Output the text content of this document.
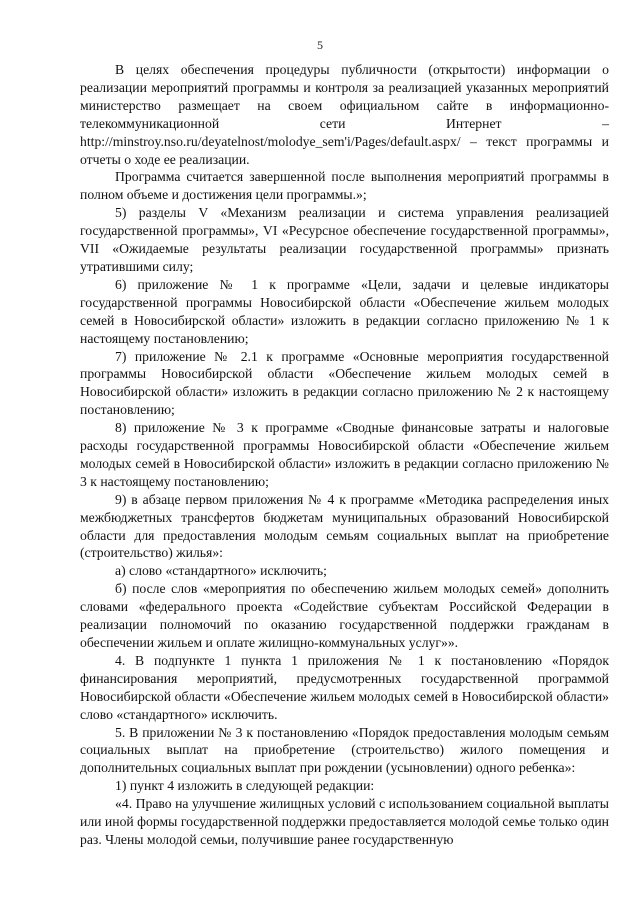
5

В целях обеспечения процедуры публичности (открытости) информации о реализации мероприятий программы и контроля за реализацией указанных мероприятий министерство размещает на своем официальном сайте в информационно-телекоммуникационной сети Интернет – http://minstroy.nso.ru/deyatelnost/molodye_sem'i/Pages/default.aspx/ – текст программы и отчеты о ходе ее реализации.

Программа считается завершенной после выполнения мероприятий программы в полном объеме и достижения цели программы.»;

5) разделы V «Механизм реализации и система управления реализацией государственной программы», VI «Ресурсное обеспечение государственной программы», VII «Ожидаемые результаты реализации государственной программы» признать утратившими силу;

6) приложение № 1 к программе «Цели, задачи и целевые индикаторы государственной программы Новосибирской области «Обеспечение жильем молодых семей в Новосибирской области» изложить в редакции согласно приложению № 1 к настоящему постановлению;

7) приложение № 2.1 к программе «Основные мероприятия государственной программы Новосибирской области «Обеспечение жильем молодых семей в Новосибирской области» изложить в редакции согласно приложению № 2 к настоящему постановлению;

8) приложение № 3 к программе «Сводные финансовые затраты и налоговые расходы государственной программы Новосибирской области «Обеспечение жильем молодых семей в Новосибирской области» изложить в редакции согласно приложению № 3 к настоящему постановлению;

9) в абзаце первом приложения № 4 к программе «Методика распределения иных межбюджетных трансфертов бюджетам муниципальных образований Новосибирской области для предоставления молодым семьям социальных выплат на приобретение (строительство) жилья»:

а) слово «стандартного» исключить;

б) после слов «мероприятия по обеспечению жильем молодых семей» дополнить словами «федерального проекта «Содействие субъектам Российской Федерации в реализации полномочий по оказанию государственной поддержки гражданам в обеспечении жильем и оплате жилищно-коммунальных услуг»».

4. В подпункте 1 пункта 1 приложения № 1 к постановлению «Порядок финансирования мероприятий, предусмотренных государственной программой Новосибирской области «Обеспечение жильем молодых семей в Новосибирской области» слово «стандартного» исключить.

5. В приложении № 3 к постановлению «Порядок предоставления молодым семьям социальных выплат на приобретение (строительство) жилого помещения и дополнительных социальных выплат при рождении (усыновлении) одного ребенка»:

1) пункт 4 изложить в следующей редакции:

«4. Право на улучшение жилищных условий с использованием социальной выплаты или иной формы государственной поддержки предоставляется молодой семье только один раз. Члены молодой семьи, получившие ранее государственную
